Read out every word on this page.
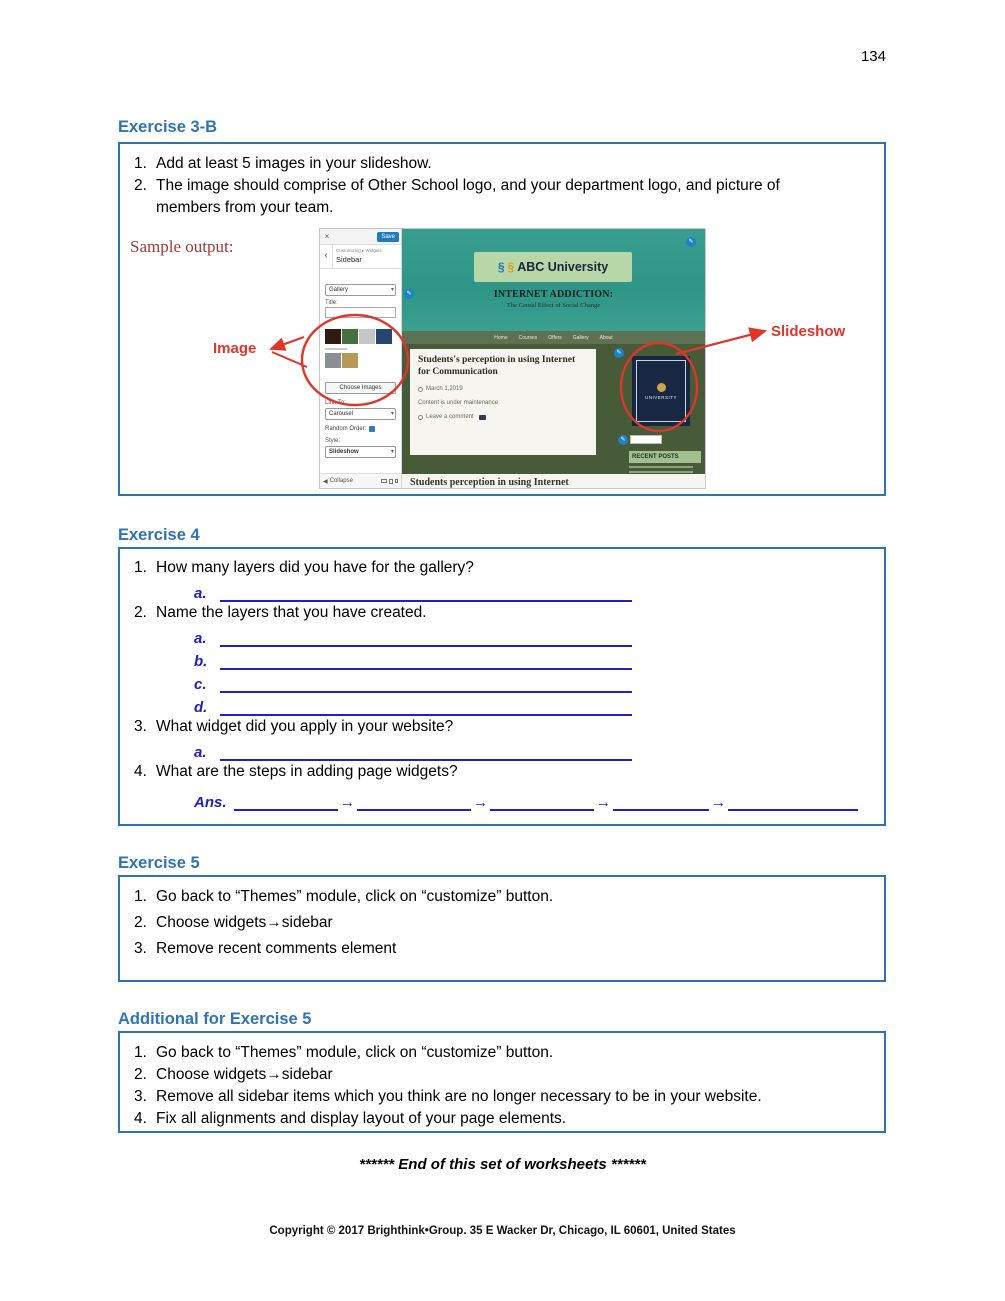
134
Exercise 3-B
1. Add at least 5 images in your slideshow.
2. The image should comprise of Other School logo, and your department logo, and picture of members from your team.
Sample output:
×	Save
‹	Customizing ▸ Widgets
Sidebar
Gallery	▾
Title:
Choose Images
Link To:
Carousel	▾
Random Order:
Style:
Slideshow	▾
◀ Collapse
§ § ABC University
INTERNET ADDICTION:
The Causal Effect of Social Change
✎
✎
Home Courses Offers Gallery About
Students's perception in using Internet for Communication
March 1,2019
Content is under maintenance
Leave a comment
✎
UNIVERSITY
✎
RECENT POSTS
Students perception in using Internet
Image
Slideshow
Exercise 4
1. How many layers did you have for the gallery?
a.
2. Name the layers that you have created.
a.
b.
c.
d.
3. What widget did you apply in your website?
a.
4. What are the steps in adding page widgets?
Ans.	→	→	→	→
Exercise 5
1. Go back to “Themes” module, click on “customize” button.
2. Choose widgets→sidebar
3. Remove recent comments element
Additional for Exercise 5
1. Go back to “Themes” module, click on “customize” button.
2. Choose widgets→sidebar
3. Remove all sidebar items which you think are no longer necessary to be in your website.
4. Fix all alignments and display layout of your page elements.
****** End of this set of worksheets ******
Copyright © 2017 Brighthink•Group. 35 E Wacker Dr, Chicago, IL 60601, United States
